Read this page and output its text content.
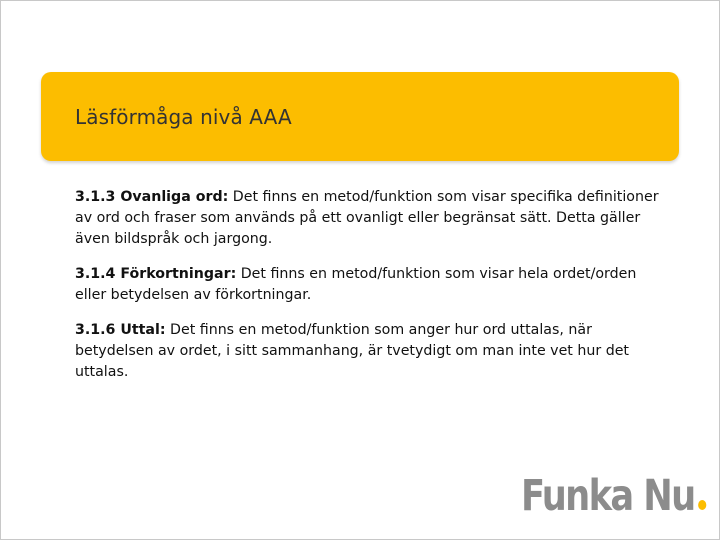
Läsförmåga nivå AAA

3.1.3 Ovanliga ord: Det finns en metod/funktion som visar specifika definitioner av ord och fraser som används på ett ovanligt eller begränsat sätt. Detta gäller även bildspråk och jargong.

3.1.4 Förkortningar: Det finns en metod/funktion som visar hela ordet/orden eller betydelsen av förkortningar.

3.1.6 Uttal: Det finns en metod/funktion som anger hur ord uttalas, när betydelsen av ordet, i sitt sammanhang, är tvetydigt om man inte vet hur det uttalas.

Funka Nu
